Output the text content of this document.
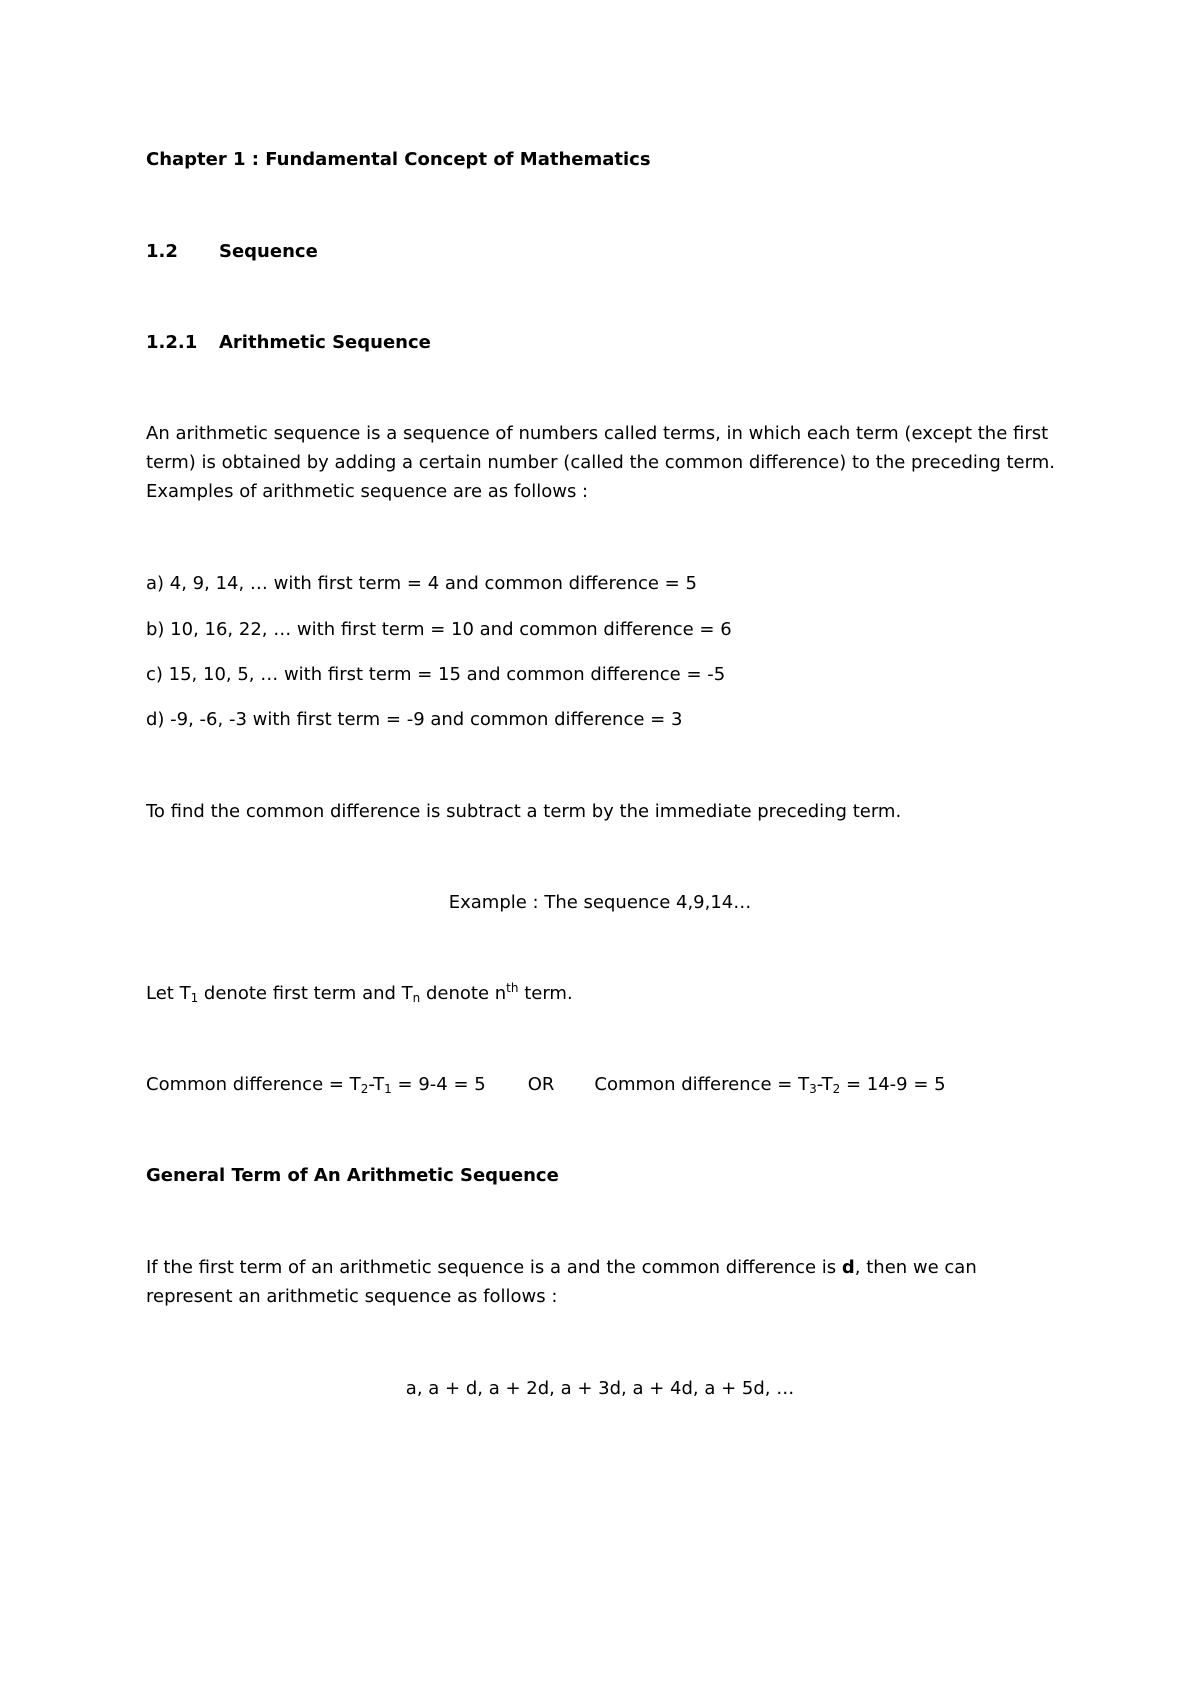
Chapter 1 : Fundamental Concept of Mathematics
1.2 Sequence
1.2.1 Arithmetic Sequence
An arithmetic sequence is a sequence of numbers called terms, in which each term (except the first
term) is obtained by adding a certain number (called the common difference) to the preceding term.
Examples of arithmetic sequence are as follows :
a) 4, 9, 14, … with first term = 4 and common difference = 5
b) 10, 16, 22, … with first term = 10 and common difference = 6
c) 15, 10, 5, … with first term = 15 and common difference = -5
d) -9, -6, -3 with first term = -9 and common difference = 3
To find the common difference is subtract a term by the immediate preceding term.
Example : The sequence 4,9,14…
Let $T_1$ denote first term and $T_n$ denote $n^{th}$ term.
Common difference = $T_2-T_1 = 9-4 = 5$ OR Common difference = $T_3-T_2 = 14-9 = 5$
General Term of An Arithmetic Sequence
If the first term of an arithmetic sequence is a and the common difference is d, then we can
represent an arithmetic sequence as follows :
a, a + d, a + 2d, a + 3d, a + 4d, a + 5d, …
